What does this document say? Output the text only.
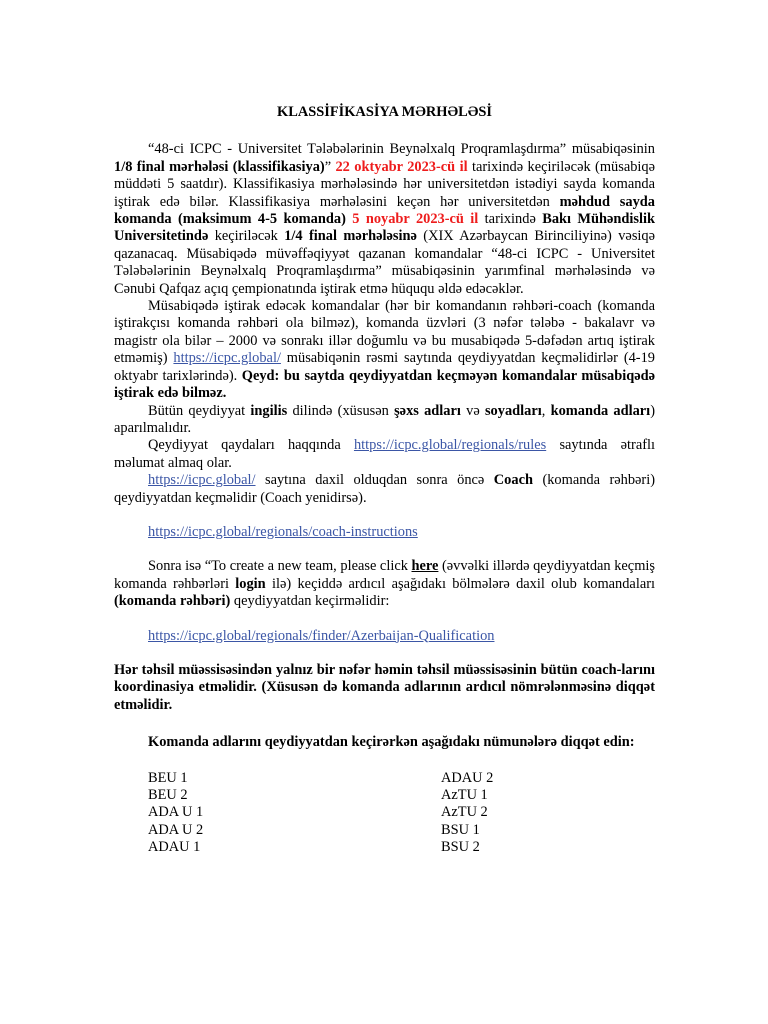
KLASSİFİKASİYA MƏRHƏLƏSİ

“48-ci ICPC - Universitet Tələbələrinin Beynəlxalq Proqramlaşdırma” müsabiqəsinin 1/8 final mərhələsi (klassifikasiya)” 22 oktyabr 2023-cü il tarixində keçiriləcək (müsabiqə müddəti 5 saatdır). Klassifikasiya mərhələsində hər universitetdən istədiyi sayda komanda iştirak edə bilər. Klassifikasiya mərhələsini keçən hər universitetdən məhdud sayda komanda (maksimum 4-5 komanda) 5 noyabr 2023-cü il tarixində Bakı Mühəndislik Universitetində keçiriləcək 1/4 final mərhələsinə (XIX Azərbaycan Birinciliyinə) vəsiqə qazanacaq. Müsabiqədə müvəffəqiyyət qazanan komandalar “48-ci ICPC - Universitet Tələbələrinin Beynəlxalq Proqramlaşdırma” müsabiqəsinin yarımfinal mərhələsində və Cənubi Qafqaz açıq çempionatında iştirak etmə hüququ əldə edəcəklər.

Müsabiqədə iştirak edəcək komandalar (hər bir komandanın rəhbəri-coach (komanda iştirakçısı komanda rəhbəri ola bilməz), komanda üzvləri (3 nəfər tələbə - bakalavr və magistr ola bilər – 2000 və sonrakı illər doğumlu və bu musabiqədə 5-dəfədən artıq iştirak etməmiş) https://icpc.global/ müsabiqənin rəsmi saytında qeydiyyatdan keçməlidirlər (4-19 oktyabr tarixlərində). Qeyd: bu saytda qeydiyyatdan keçməyən komandalar müsabiqədə iştirak edə bilməz.

Bütün qeydiyyat ingilis dilində (xüsusən şəxs adları və soyadları, komanda adları) aparılmalıdır.

Qeydiyyat qaydaları haqqında https://icpc.global/regionals/rules saytında ətraflı məlumat almaq olar.

https://icpc.global/ saytına daxil olduqdan sonra öncə Coach (komanda rəhbəri) qeydiyyatdan keçməlidir (Coach yenidirsə).

https://icpc.global/regionals/coach-instructions

Sonra isə “To create a new team, please click here (əvvəlki illərdə qeydiyyatdan keçmiş komanda rəhbərləri login ilə) keçiddə ardıcıl aşağıdakı bölmələrə daxil olub komandaları (komanda rəhbəri) qeydiyyatdan keçirməlidir:

https://icpc.global/regionals/finder/Azerbaijan-Qualification

Hər təhsil müəssisəsindən yalnız bir nəfər həmin təhsil müəssisəsinin bütün coach-larını koordinasiya etməlidir. (Xüsusən də komanda adlarının ardıcıl nömrələnməsinə diqqət etməlidir.

Komanda adlarını qeydiyyatdan keçirərkən aşağıdakı nümunələrə diqqət edin:

BEU 1
BEU 2
ADA U 1
ADA U 2
ADAU 1
ADAU 2
AzTU 1
AzTU 2
BSU 1
BSU 2
